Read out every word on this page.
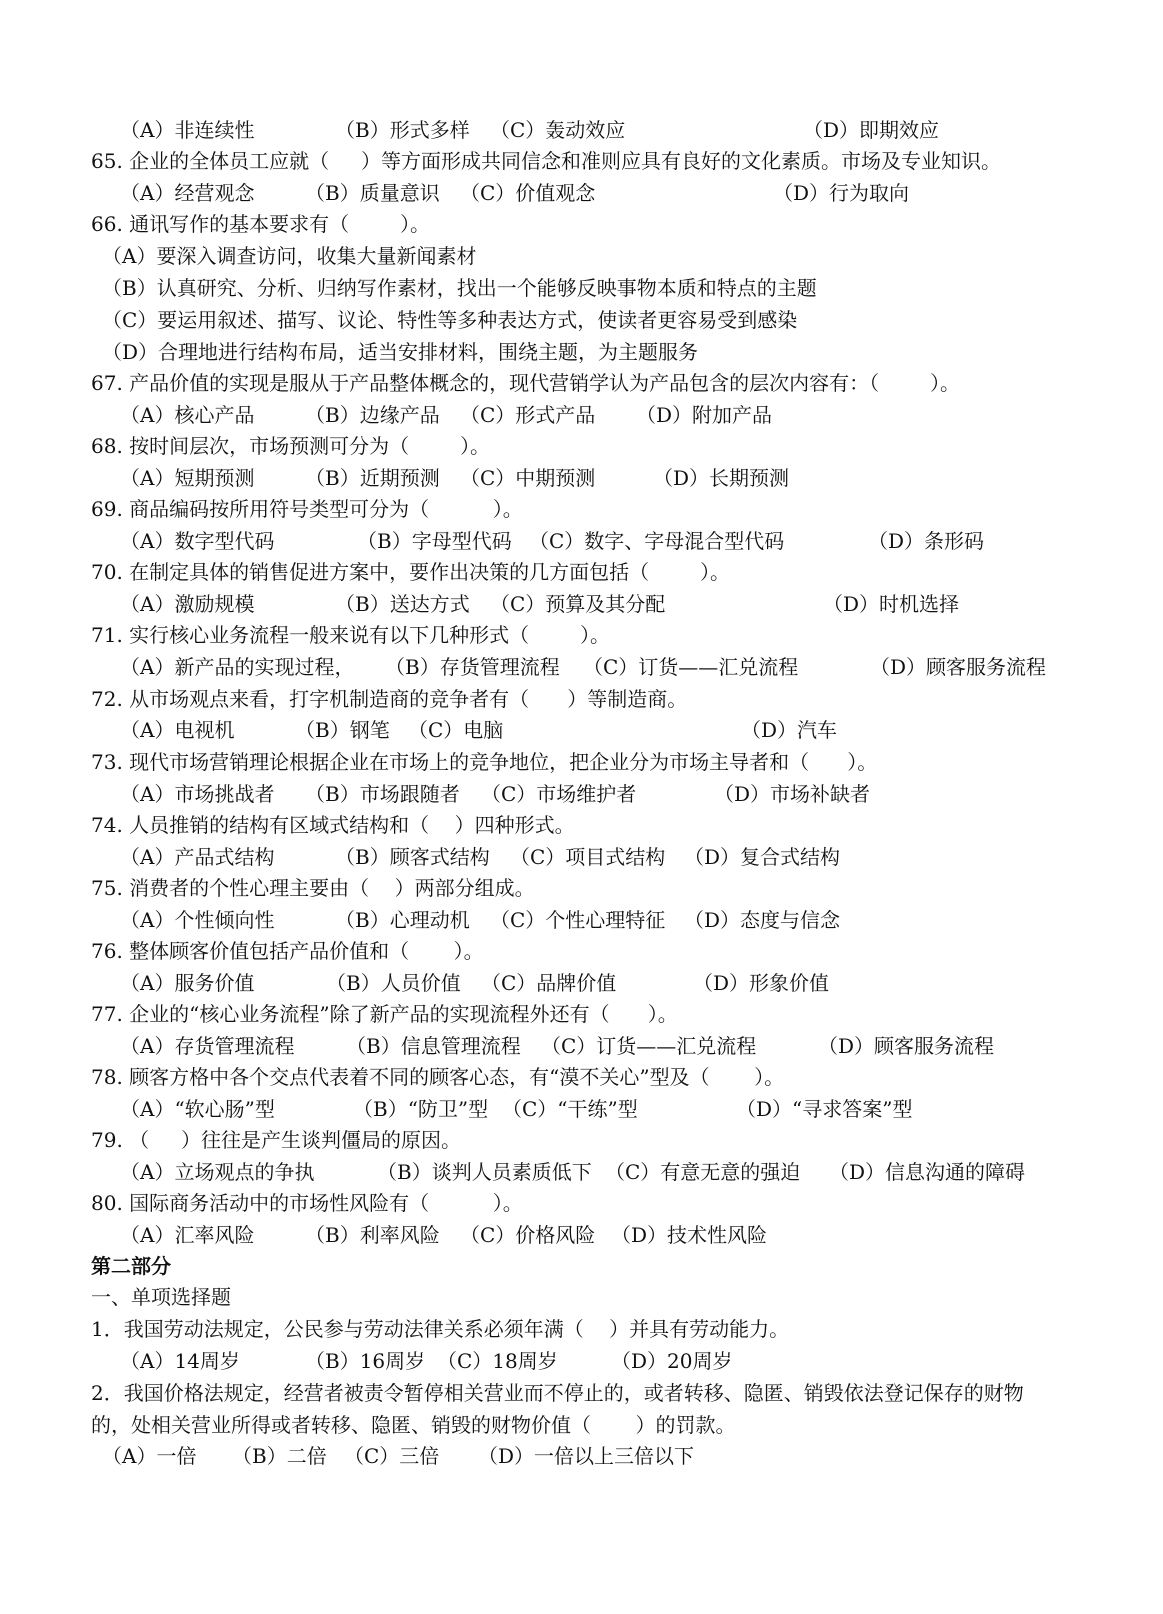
（A）非连续性	（B）形式多样 （C）轰动效应	（D）即期效应
65. 企业的全体员工应就（     ）等方面形成共同信念和准则应具有良好的文化素质。市场及专业知识。
（A）经营观念	（B）质量意识 （C）价值观念	（D）行为取向
66. 通讯写作的基本要求有（        ）。
（A）要深入调查访问，收集大量新闻素材
（B）认真研究、分析、归纳写作素材，找出一个能够反映事物本质和特点的主题
（C）要运用叙述、描写、议论、特性等多种表达方式，使读者更容易受到感染
（D）合理地进行结构布局，适当安排材料，围绕主题，为主题服务
67. 产品价值的实现是服从于产品整体概念的，现代营销学认为产品包含的层次内容有：（        ）。
（A）核心产品	（B）边缘产品 （C）形式产品 （D）附加产品
68. 按时间层次，市场预测可分为（        ）。
（A）短期预测	（B）近期预测 （C）中期预测	（D）长期预测
69. 商品编码按所用符号类型可分为（          ）。
（A）数字型代码	（B）字母型代码 （C）数字、字母混合型代码	（D）条形码
70. 在制定具体的销售促进方案中，要作出决策的几方面包括（        ）。
（A）激励规模	（B）送达方式 （C）预算及其分配	（D）时机选择
71. 实行核心业务流程一般来说有以下几种形式（        ）。
（A）新产品的实现过程， （B）存货管理流程 （C）订货——汇兑流程	（D）顾客服务流程
72. 从市场观点来看，打字机制造商的竞争者有（      ）等制造商。
（A）电视机	（B）钢笔 （C）电脑	（D）汽车
73. 现代市场营销理论根据企业在市场上的竞争地位，把企业分为市场主导者和（      ）。
（A）市场挑战者 （B）市场跟随者 （C）市场维护者	（D）市场补缺者
74. 人员推销的结构有区域式结构和（    ）四种形式。
（A）产品式结构	（B）顾客式结构 （C）项目式结构 （D）复合式结构
75. 消费者的个性心理主要由（    ）两部分组成。
（A）个性倾向性	（B）心理动机 （C）个性心理特征 （D）态度与信念
76. 整体顾客价值包括产品价值和（       ）。
（A）服务价值	（B）人员价值 （C）品牌价值	（D）形象价值
77. 企业的“核心业务流程”除了新产品的实现流程外还有（      ）。
（A）存货管理流程	（B）信息管理流程 （C）订货——汇兑流程	（D）顾客服务流程
78. 顾客方格中各个交点代表着不同的顾客心态，有“漠不关心”型及（       ）。
（A）“软心肠”型	（B）“防卫”型 （C）“干练”型	（D）“寻求答案”型
79. （     ）往往是产生谈判僵局的原因。
（A）立场观点的争执	（B）谈判人员素质低下 （C）有意无意的强迫 （D）信息沟通的障碍
80. 国际商务活动中的市场性风险有（          ）。
（A）汇率风险	（B）利率风险 （C）价格风险 （D）技术性风险
第二部分
一、单项选择题
1．我国劳动法规定，公民参与劳动法律关系必须年满（    ）并具有劳动能力。
（A）14周岁	（B）16周岁 （C）18周岁	（D）20周岁
2．我国价格法规定，经营者被责令暂停相关营业而不停止的，或者转移、隐匿、销毁依法登记保存的财物
的，处相关营业所得或者转移、隐匿、销毁的财物价值（       ）的罚款。
（A）一倍 （B）二倍 （C）三倍 （D）一倍以上三倍以下
